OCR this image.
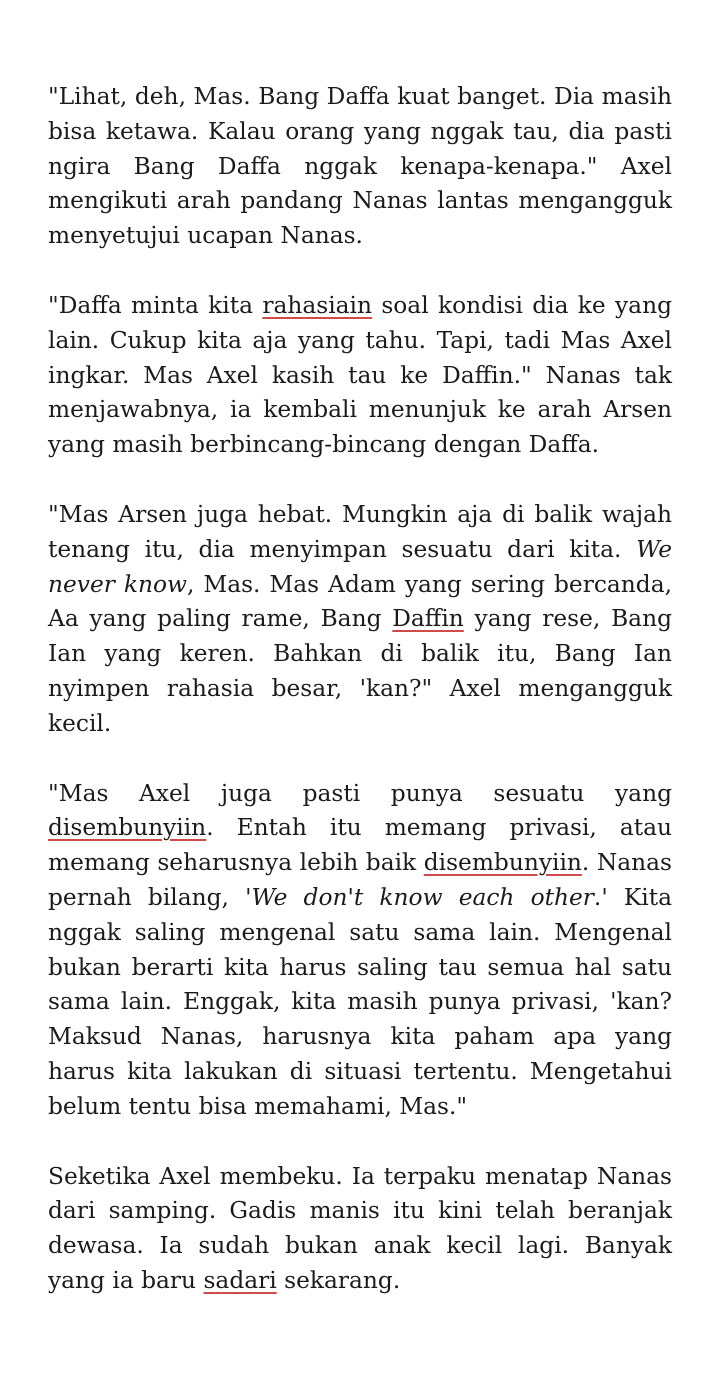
"Lihat, deh, Mas. Bang Daffa kuat banget. Dia masih bisa ketawa. Kalau orang yang nggak tau, dia pasti ngira Bang Daffa nggak kenapa-kenapa." Axel mengikuti arah pandang Nanas lantas mengangguk menyetujui ucapan Nanas.

"Daffa minta kita rahasiain soal kondisi dia ke yang lain. Cukup kita aja yang tahu. Tapi, tadi Mas Axel ingkar. Mas Axel kasih tau ke Daffin." Nanas tak menjawabnya, ia kembali menunjuk ke arah Arsen yang masih berbincang-bincang dengan Daffa.

"Mas Arsen juga hebat. Mungkin aja di balik wajah tenang itu, dia menyimpan sesuatu dari kita. We never know, Mas. Mas Adam yang sering bercanda, Aa yang paling rame, Bang Daffin yang rese, Bang Ian yang keren. Bahkan di balik itu, Bang Ian nyimpen rahasia besar, 'kan?" Axel mengangguk kecil.

"Mas Axel juga pasti punya sesuatu yang disembunyiin. Entah itu memang privasi, atau memang seharusnya lebih baik disembunyiin. Nanas pernah bilang, 'We don't know each other.' Kita nggak saling mengenal satu sama lain. Mengenal bukan berarti kita harus saling tau semua hal satu sama lain. Enggak, kita masih punya privasi, 'kan? Maksud Nanas, harusnya kita paham apa yang harus kita lakukan di situasi tertentu. Mengetahui belum tentu bisa memahami, Mas."

Seketika Axel membeku. Ia terpaku menatap Nanas dari samping. Gadis manis itu kini telah beranjak dewasa. Ia sudah bukan anak kecil lagi. Banyak yang ia baru sadari sekarang.
